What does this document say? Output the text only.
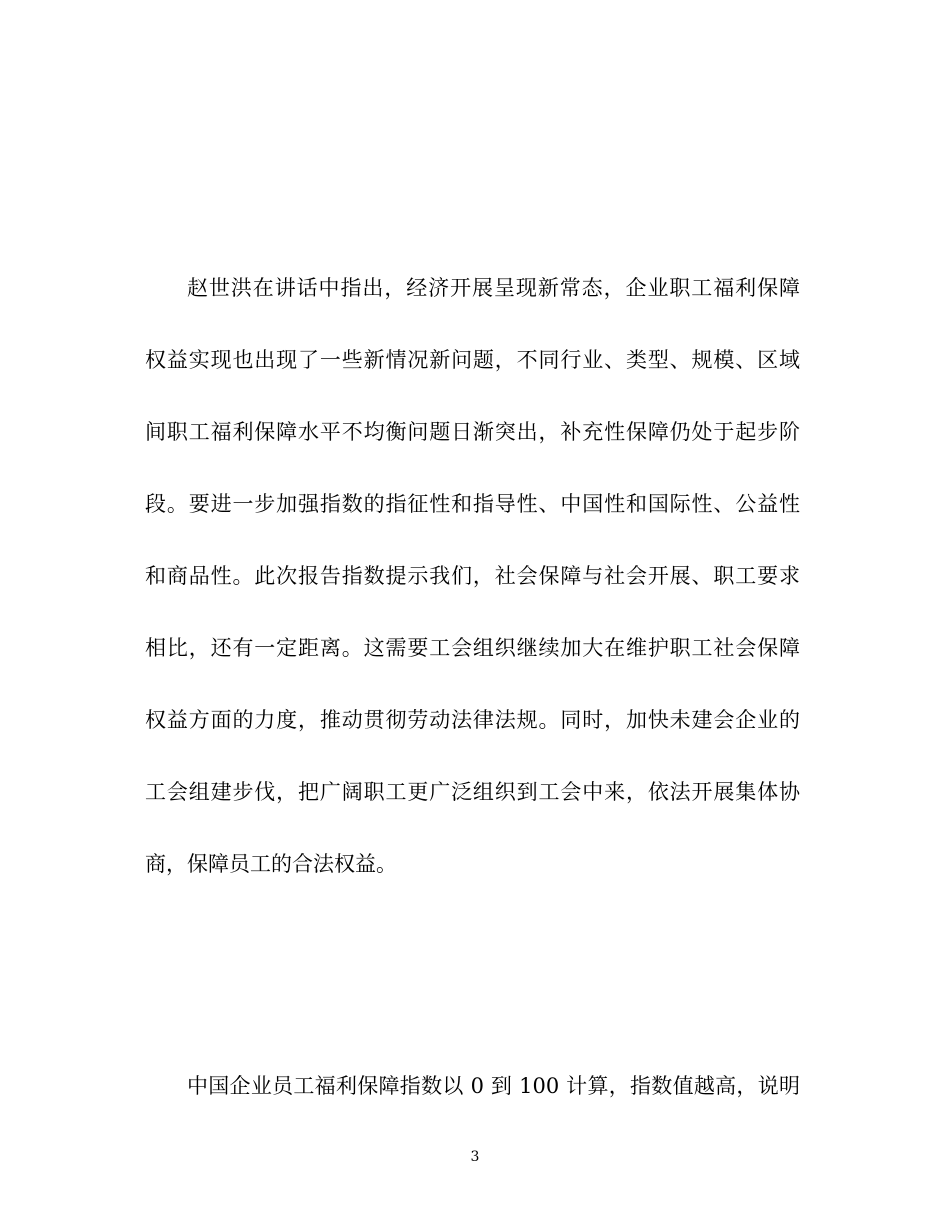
赵世洪在讲话中指出，经济开展呈现新常态，企业职工福利保障
权益实现也出现了一些新情况新问题，不同行业、类型、规模、区域
间职工福利保障水平不均衡问题日渐突出，补充性保障仍处于起步阶
段。要进一步加强指数的指征性和指导性、中国性和国际性、公益性
和商品性。此次报告指数提示我们，社会保障与社会开展、职工要求
相比，还有一定距离。这需要工会组织继续加大在维护职工社会保障
权益方面的力度，推动贯彻劳动法律法规。同时，加快未建会企业的
工会组建步伐，把广阔职工更广泛组织到工会中来，依法开展集体协
商，保障员工的合法权益。
中国企业员工福利保障指数以 0 到 100 计算，指数值越高，说明
3
